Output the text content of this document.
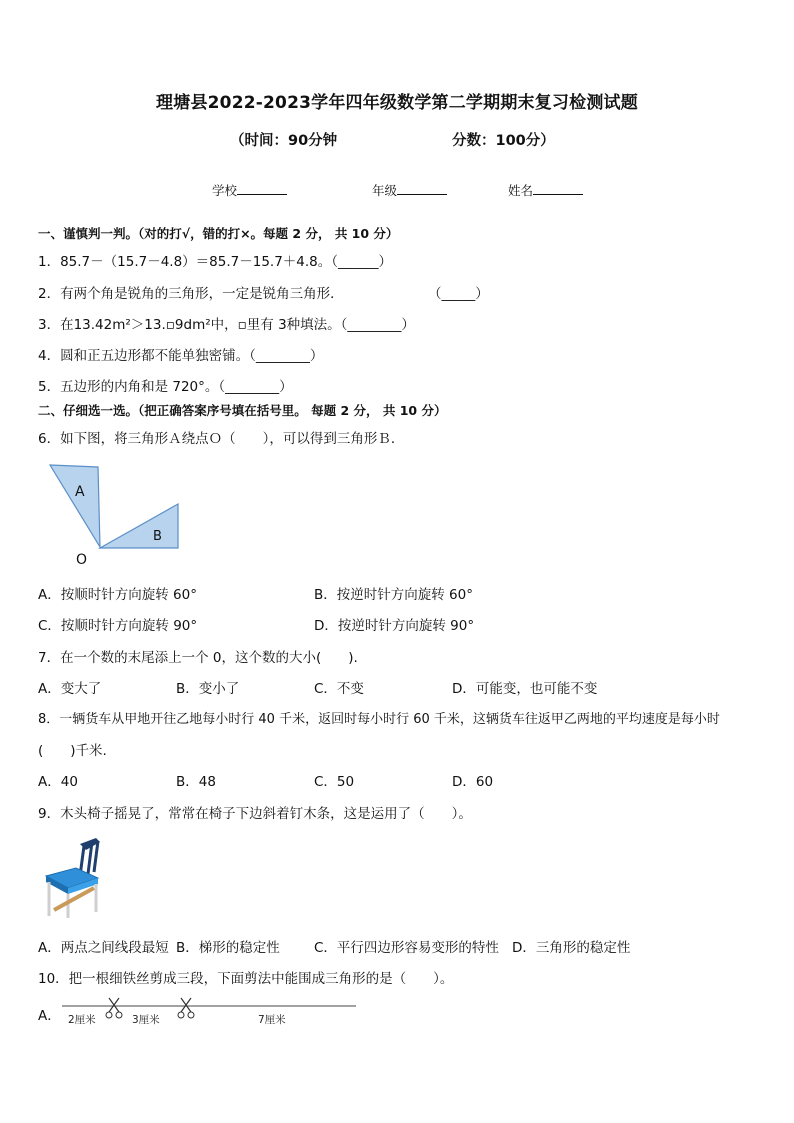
理塘县2022-2023学年四年级数学第二学期期末复习检测试题
（时间：90分钟	分数：100分）
学校	年级	姓名
一、谨慎判一判。（对的打√，错的打×。每题 2 分， 共 10 分）
1．85.7－（15.7－4.8）＝85.7－15.7＋4.8。（______）
2．有两个角是锐角的三角形，一定是锐角三角形．	（_____）
3．在13.42m²＞13.▫9dm²中，▫里有 3种填法。（________）
4．圆和正五边形都不能单独密铺。（________）
5．五边形的内角和是 720°。（________）
二、仔细选一选。（把正确答案序号填在括号里。 每题 2 分， 共 10 分）
6．如下图，将三角形Ａ绕点Ｏ（　　），可以得到三角形Ｂ．
A
B
O
A．按顺时针方向旋转 60°	B．按逆时针方向旋转 60°
C．按顺时针方向旋转 90°	D．按逆时针方向旋转 90°
7．在一个数的末尾添上一个 0，这个数的大小(　　).
A．变大了	B．变小了	C．不变	D．可能变，也可能不变
8．一辆货车从甲地开往乙地每小时行 40 千米，返回时每小时行 60 千米，这辆货车往返甲乙两地的平均速度是每小时
(　　)千米.
A．40	B．48	C．50	D．60
9．木头椅子摇晃了，常常在椅子下边斜着钉木条，这是运用了（　　）。
A．两点之间线段最短 B．梯形的稳定性	C．平行四边形容易变形的特性 D．三角形的稳定性
10．把一根细铁丝剪成三段，下面剪法中能围成三角形的是（　　）。
A． 2厘米	3厘米	7厘米
